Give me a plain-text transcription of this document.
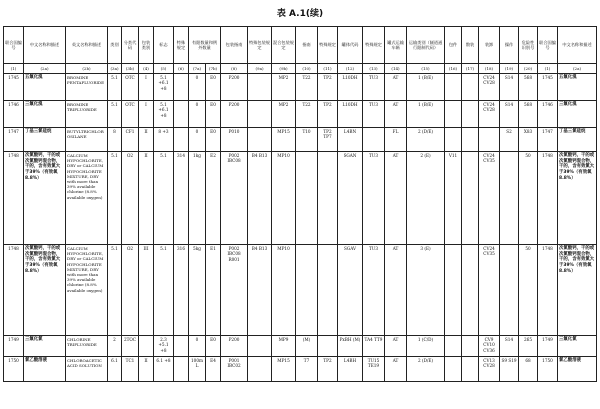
表 A.1(续)
联合国编号	中文名称和描述	英文名称和描述	类别	分类代码	包装类别	标志	特殊规定	有限数量和例外数量		包装指南	特殊包装规定	混合包装规定	指南	特殊规定	罐体代码	特殊规定	罐式运输车辆	运输类别（隧道通行限制代码）	包件	散装	装卸	操作	危险性识别号	联合国编号	中文名称和描述
(1)	(2a)	(2b)	(3a)	(3b)	(4)	(5)	(6)	(7a)	(7b)	(8)	(9a)	(9b)	(10)	(11)	(12)	(13)	(14)	(15)	(16)	(17)	(18)	(19)	(20)	(1)	(2a)
1745	五氟化溴	BROMINE PENTAFLUORIDE	5.1	OTC	I	5.1 +6.1 +8		0	E0	P200		MP2	T22	TP2	L10DH	TU3	AT	1 (B/E)			CV24 CV28	S14	568	1745	五氟化溴
1746	三氟化溴	BROMINE TRIFLUORIDE	5.1	OTC	I	5.1 +6.1 +8		0	E0	P200		MP2	T22	TP2	L10DH	TU3	AT	1 (B/E)			CV24 CV28	S14	568	1746	三氟化溴
1747	丁基三氯硅烷	BUTYLTRICHLOROSILANE	8	CF1	II	8 +3		0	E0	P010		MP15	T10	TP2 TP7	L4BN		FL	2 (D/E)				S2	X83	1747	丁基三氯硅烷
1748	次氯酸钙，干的或次氯酸钙混合物，干的，含有效氯大于39%（有效氧8.8%）	CALCIUM HYPOCHLORITE, DRY or CALCIUM HYPOCHLORITE MIXTURE, DRY with more than 39% available chlorine (8.8% available oxygen)	5.1	O2	II	5.1	314	1kg	E2	P002 IBC08	B4 B13	MP10			SGAN	TU3	AT	2 (E)	V11		CV24 CV35		50	1748	次氯酸钙，干的或次氯酸钙混合物，干的，含有效氯大于39%（有效氧8.8%）
1748	次氯酸钙，干的或次氯酸钙混合物，干的，含有效氯大于39%（有效氧8.8%）	CALCIUM HYPOCHLORITE, DRY or CALCIUM HYPOCHLORITE MIXTURE, DRY with more than 39% available chlorine (8.8% available oxygen)	5.1	O2	III	5.1	316	5kg	E1	P002 IBC08 R001	B4 B13	MP10			SGAV	TU3	AT	3 (E)			CV24 CV35		50	1748	次氯酸钙，干的或次氯酸钙混合物，干的，含有效氯大于39%（有效氧8.8%）
1749	三氟化氯	CHLORINE TRIFLUORIDE	2	2TOC		2.3 +5.1 +8		0	E0	P200		MP9	(M)		PxBH (M)	TA4 TT9	AT	1 (C/D)			CV9 CV10 CV36	S14	265	1749	三氟化氯
1750	氯乙酸溶液	CHLOROACETIC ACID SOLUTION	6.1	TC1	II	6.1 +8		100mL	E4	P001 IBC02		MP15	T7	TP2	L4BH	TU15 TE19	AT	2 (D/E)			CV13 CV28	S9 S19	68	1750	氯乙酸溶液
